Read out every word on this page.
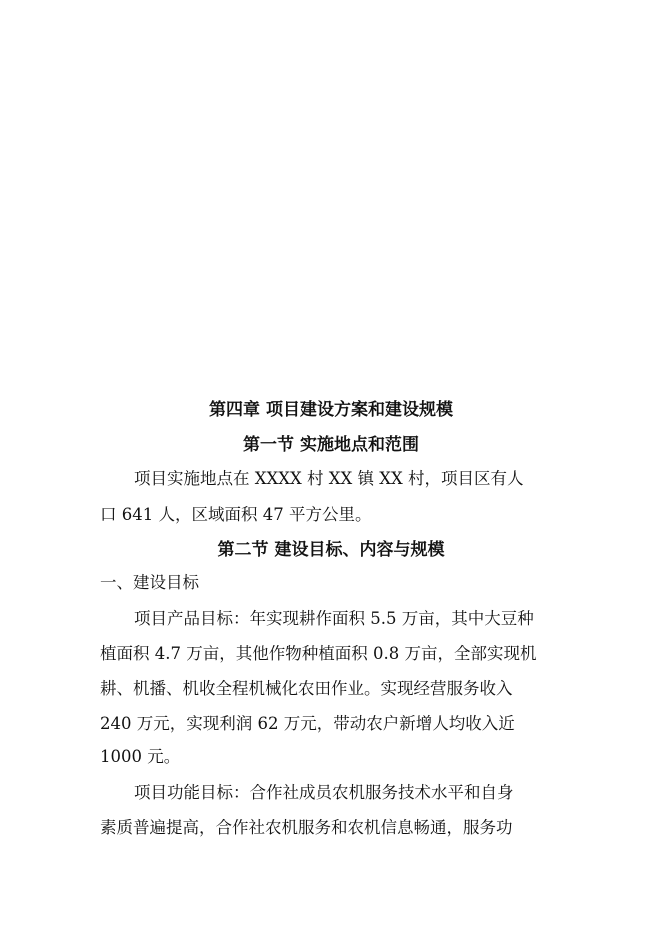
第四章 项目建设方案和建设规模
第一节 实施地点和范围
项目实施地点在 XXXX 村 XX 镇 XX 村，项目区有人
口 641 人，区域面积 47 平方公里。
第二节 建设目标、内容与规模
一、建设目标
项目产品目标：年实现耕作面积 5.5 万亩，其中大豆种
植面积 4.7 万亩，其他作物种植面积 0.8 万亩，全部实现机
耕、机播、机收全程机械化农田作业。实现经营服务收入
240 万元，实现利润 62 万元，带动农户新增人均收入近
1000 元。
项目功能目标：合作社成员农机服务技术水平和自身
素质普遍提高，合作社农机服务和农机信息畅通，服务功
